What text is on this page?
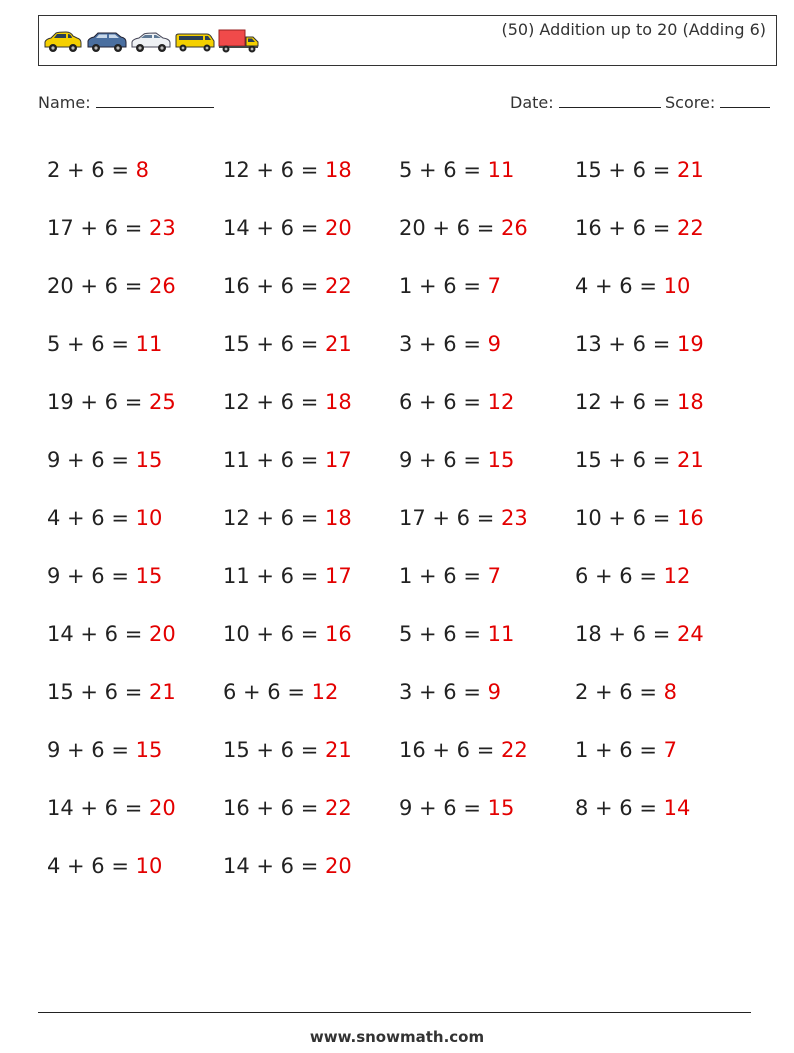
(50) Addition up to 20 (Adding 6)
Name:	Date:	Score:
2 + 6 = 8	12 + 6 = 18	5 + 6 = 11	15 + 6 = 21
17 + 6 = 23	14 + 6 = 20	20 + 6 = 26	16 + 6 = 22
20 + 6 = 26	16 + 6 = 22	1 + 6 = 7	4 + 6 = 10
5 + 6 = 11	15 + 6 = 21	3 + 6 = 9	13 + 6 = 19
19 + 6 = 25	12 + 6 = 18	6 + 6 = 12	12 + 6 = 18
9 + 6 = 15	11 + 6 = 17	9 + 6 = 15	15 + 6 = 21
4 + 6 = 10	12 + 6 = 18	17 + 6 = 23	10 + 6 = 16
9 + 6 = 15	11 + 6 = 17	1 + 6 = 7	6 + 6 = 12
14 + 6 = 20	10 + 6 = 16	5 + 6 = 11	18 + 6 = 24
15 + 6 = 21	6 + 6 = 12	3 + 6 = 9	2 + 6 = 8
9 + 6 = 15	15 + 6 = 21	16 + 6 = 22	1 + 6 = 7
14 + 6 = 20	16 + 6 = 22	9 + 6 = 15	8 + 6 = 14
4 + 6 = 10	14 + 6 = 20
www.snowmath.com
